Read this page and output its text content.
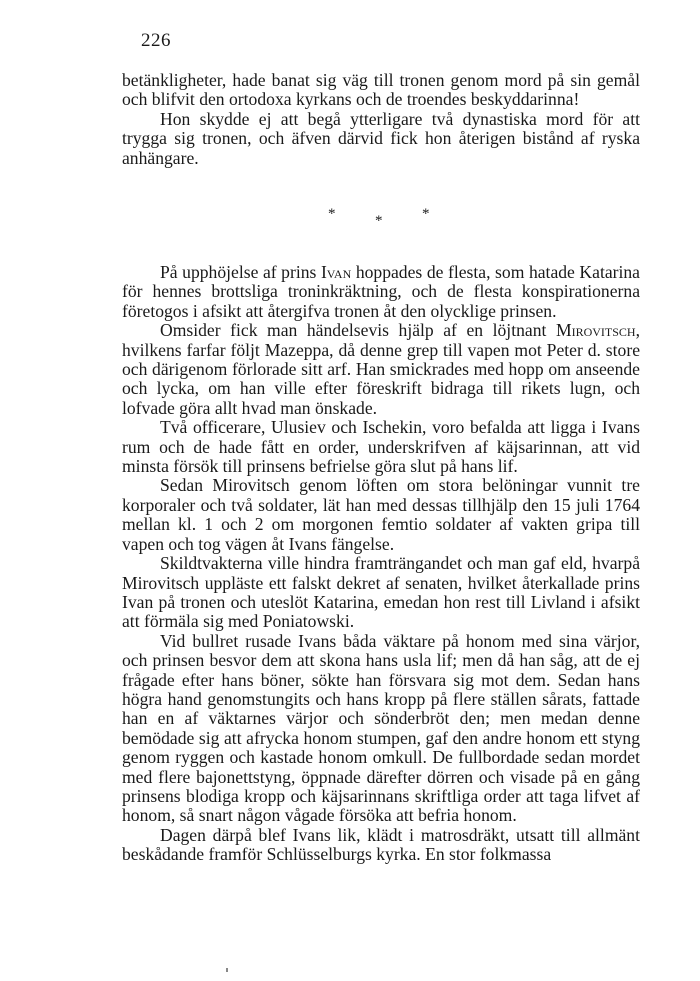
226

betänkligheter, hade banat sig väg till tronen genom mord på sin gemål och blifvit den ortodoxa kyrkans och de troendes beskyddarinna!

Hon skydde ej att begå ytterligare två dynastiska mord för att trygga sig tronen, och äfven därvid fick hon återigen bistånd af ryska anhängare.

*	*	*

På upphöjelse af prins Ivan hoppades de flesta, som hatade Katarina för hennes brottsliga troninkräktning, och de flesta konspirationerna företogos i afsikt att återgifva tronen åt den olycklige prinsen.

Omsider fick man händelsevis hjälp af en löjtnant Mirovitsch, hvilkens farfar följt Mazeppa, då denne grep till vapen mot Peter d. store och därigenom förlorade sitt arf. Han smickrades med hopp om anseende och lycka, om han ville efter föreskrift bidraga till rikets lugn, och lofvade göra allt hvad man önskade.

Två officerare, Ulusiev och Ischekin, voro befalda att ligga i Ivans rum och de hade fått en order, underskrifven af käjsarinnan, att vid minsta försök till prinsens befrielse göra slut på hans lif.

Sedan Mirovitsch genom löften om stora belöningar vunnit tre korporaler och två soldater, lät han med dessas tillhjälp den 15 juli 1764 mellan kl. 1 och 2 om morgonen femtio soldater af vakten gripa till vapen och tog vägen åt Ivans fängelse.

Skildtvakterna ville hindra framträngandet och man gaf eld, hvarpå Mirovitsch uppläste ett falskt dekret af senaten, hvilket återkallade prins Ivan på tronen och uteslöt Katarina, emedan hon rest till Livland i afsikt att förmäla sig med Poniatowski.

Vid bullret rusade Ivans båda väktare på honom med sina värjor, och prinsen besvor dem att skona hans usla lif; men då han såg, att de ej frågade efter hans böner, sökte han försvara sig mot dem. Sedan hans högra hand genomstungits och hans kropp på flere ställen sårats, fattade han en af väktarnes värjor och sönderbröt den; men medan denne bemödade sig att afrycka honom stumpen, gaf den andre honom ett styng genom ryggen och kastade honom omkull. De fullbordade sedan mordet med flere bajonettstyng, öppnade därefter dörren och visade på en gång prinsens blodiga kropp och käjsarinnans skriftliga order att taga lifvet af honom, så snart någon vågade försöka att befria honom.

Dagen därpå blef Ivans lik, klädt i matrosdräkt, utsatt till allmänt beskådande framför Schlüsselburgs kyrka. En stor folkmassa
